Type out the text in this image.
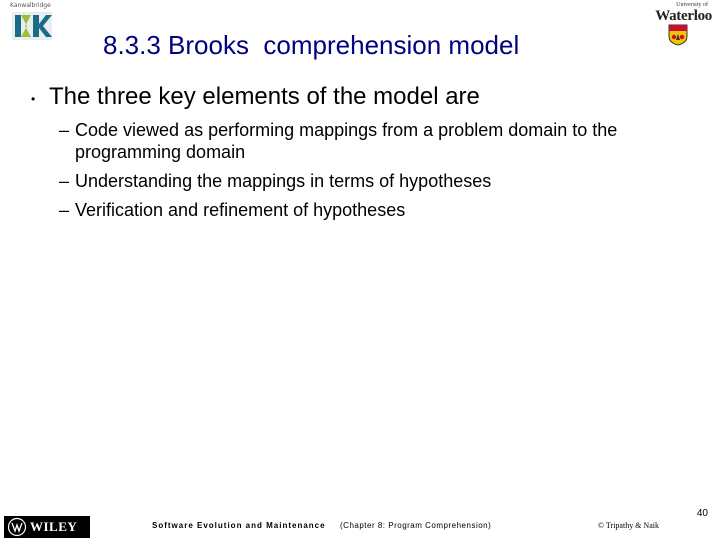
Kanwalbridge	University of
Waterloo
8.3.3 Brooks  comprehension model
• The three key elements of the model are
– Code viewed as performing mappings from a problem domain to the programming domain
– Understanding the mappings in terms of hypotheses
– Verification and refinement of hypotheses
40
WILEY	Software Evolution and Maintenance (Chapter 8: Program Comprehension)	© Tripathy & Naik
